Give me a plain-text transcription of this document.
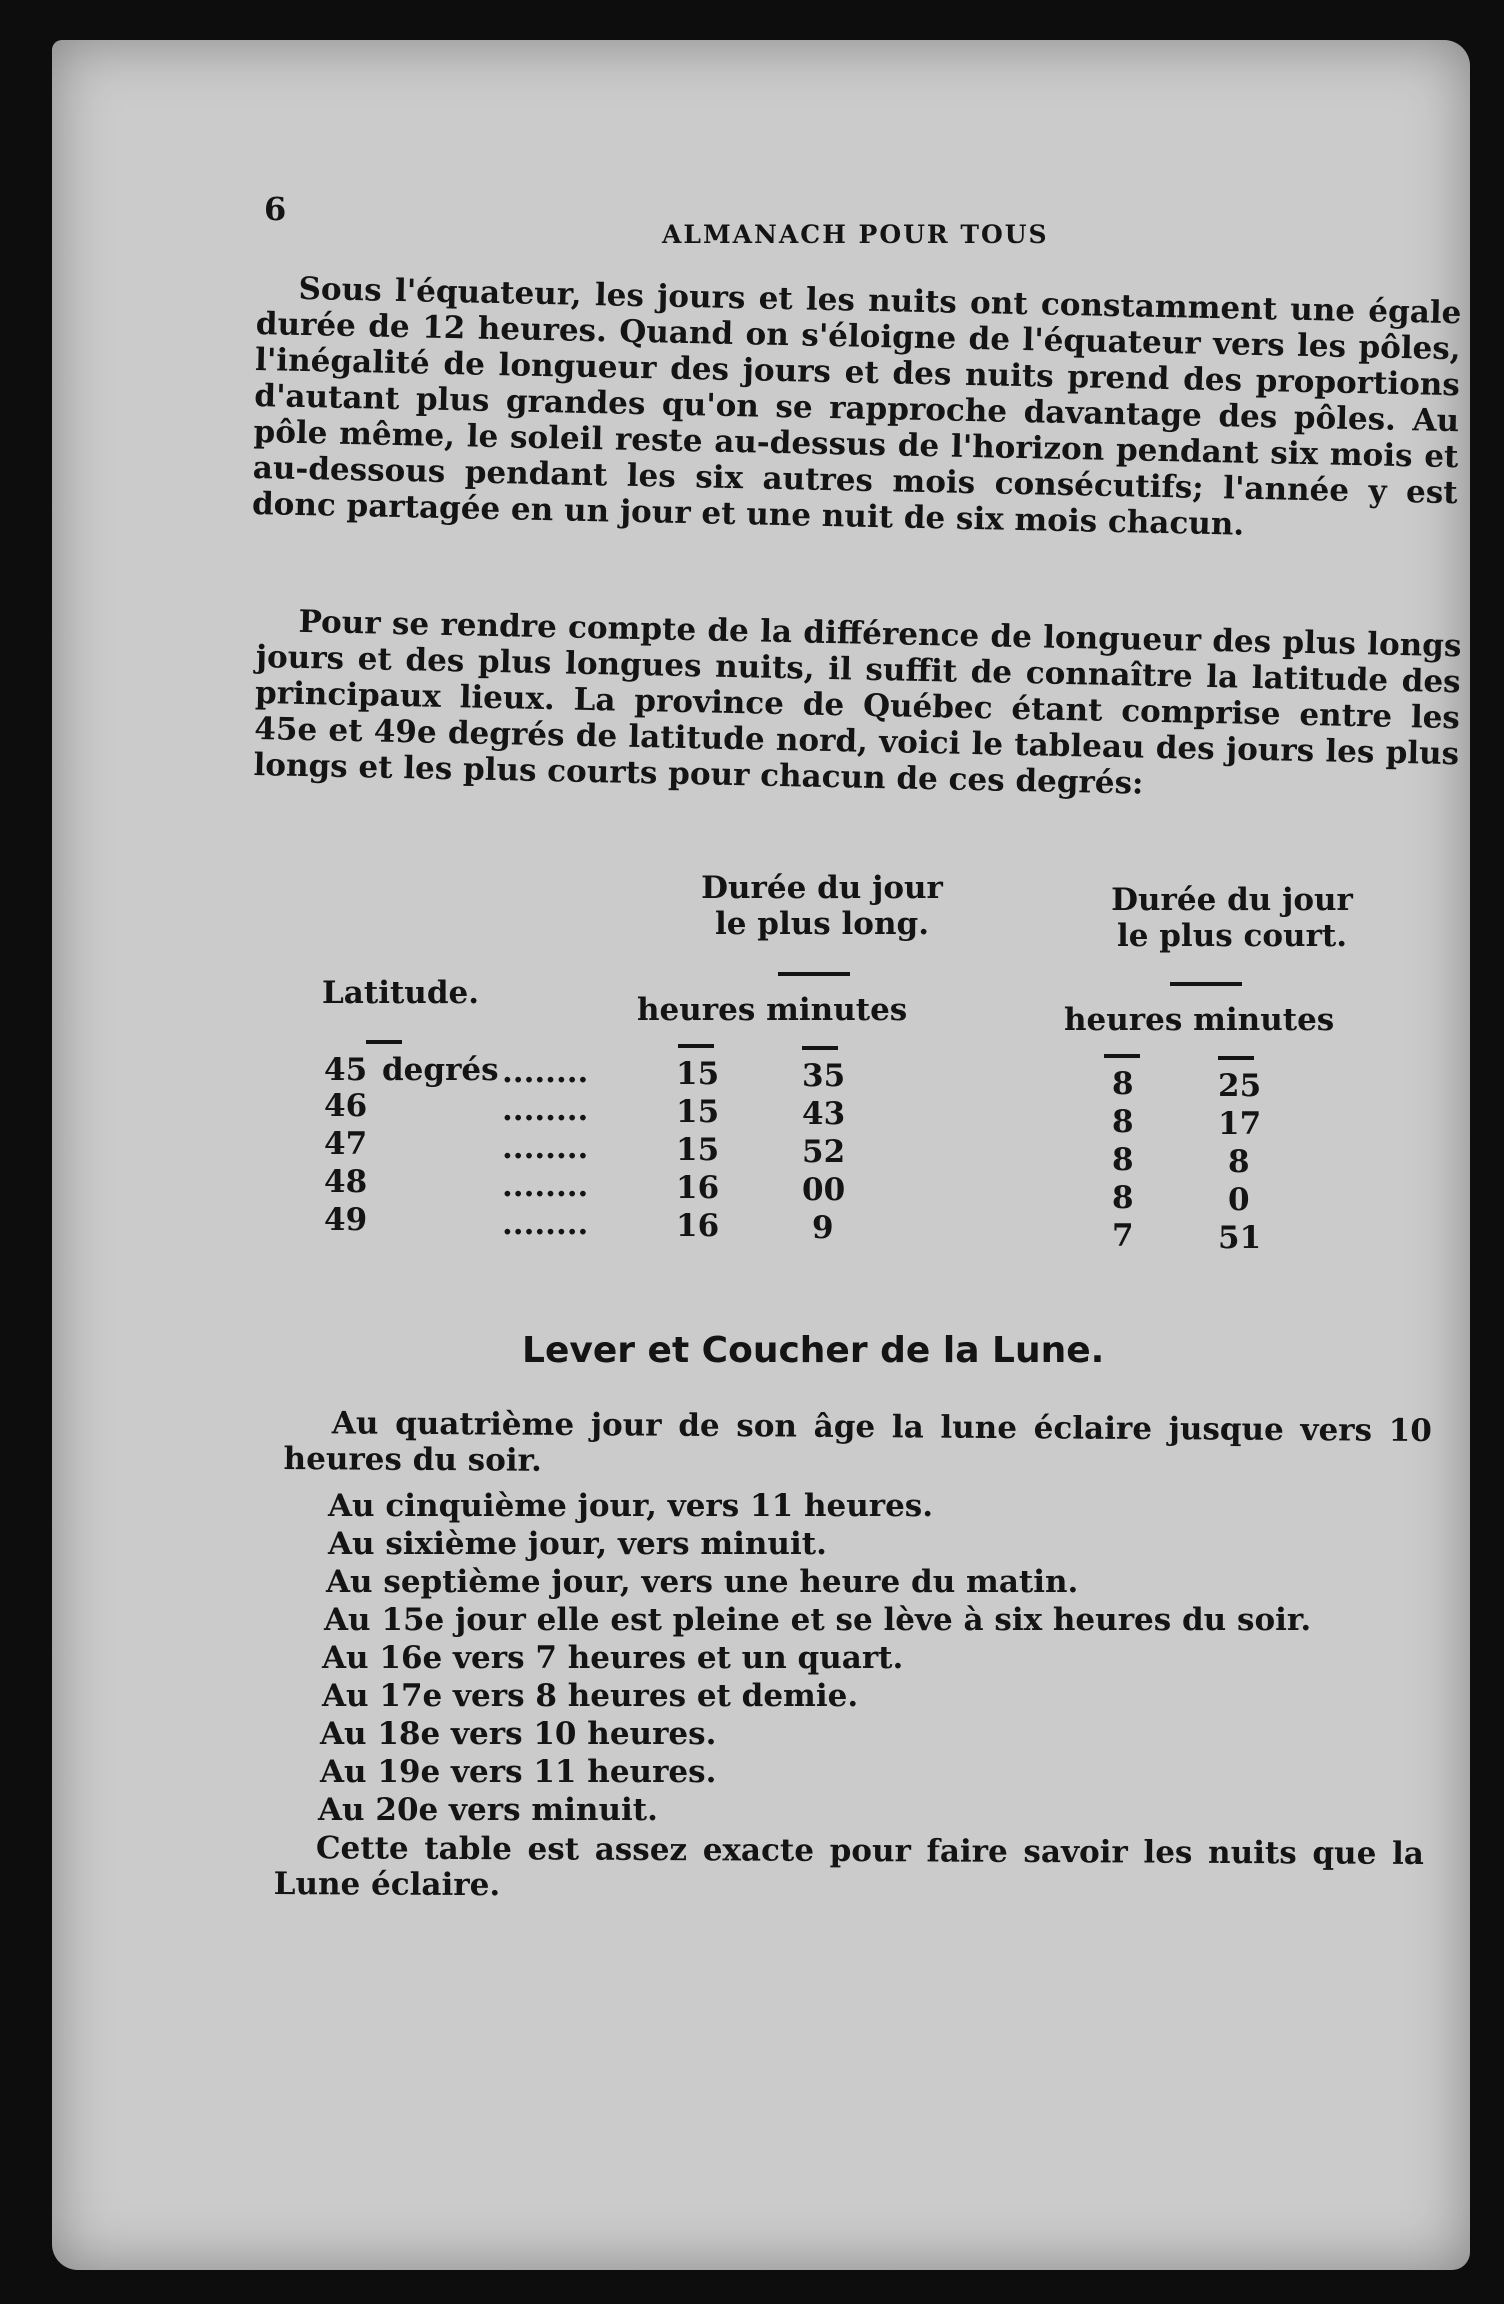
6
ALMANACH POUR TOUS

Sous l'équateur, les jours et les nuits ont constamment une égale durée de 12 heures. Quand on s'éloigne de l'équateur vers les pôles, l'inégalité de longueur des jours et des nuits prend des proportions d'autant plus grandes qu'on se rapproche davantage des pôles. Au pôle même, le soleil reste au-dessus de l'horizon pendant six mois et au-dessous pendant les six autres mois consécutifs; l'année y est donc partagée en un jour et une nuit de six mois chacun.

Pour se rendre compte de la différence de longueur des plus longs jours et des plus longues nuits, il suffit de connaître la latitude des principaux lieux. La province de Québec étant comprise entre les 45e et 49e degrés de latitude nord, voici le tableau des jours les plus longs et les plus courts pour chacun de ces degrés:

Durée du jour
le plus long.
Durée du jour
le plus court.
Latitude.	heures minutes	heures minutes
45 degrés ........	15	35	8	25
46	........	15	43	8	17
47	........	15	52	8	8
48	........	16	00	8	0
49	........	16	9	7	51
Lever et Coucher de la Lune.

Au quatrième jour de son âge la lune éclaire jusque vers 10 heures du soir.

Au cinquième jour, vers 11 heures.
Au sixième jour, vers minuit.
Au septième jour, vers une heure du matin.
Au 15e jour elle est pleine et se lève à six heures du soir.
Au 16e vers 7 heures et un quart.
Au 17e vers 8 heures et demie.
Au 18e vers 10 heures.
Au 19e vers 11 heures.
Au 20e vers minuit.

Cette table est assez exacte pour faire savoir les nuits que la Lune éclaire.
